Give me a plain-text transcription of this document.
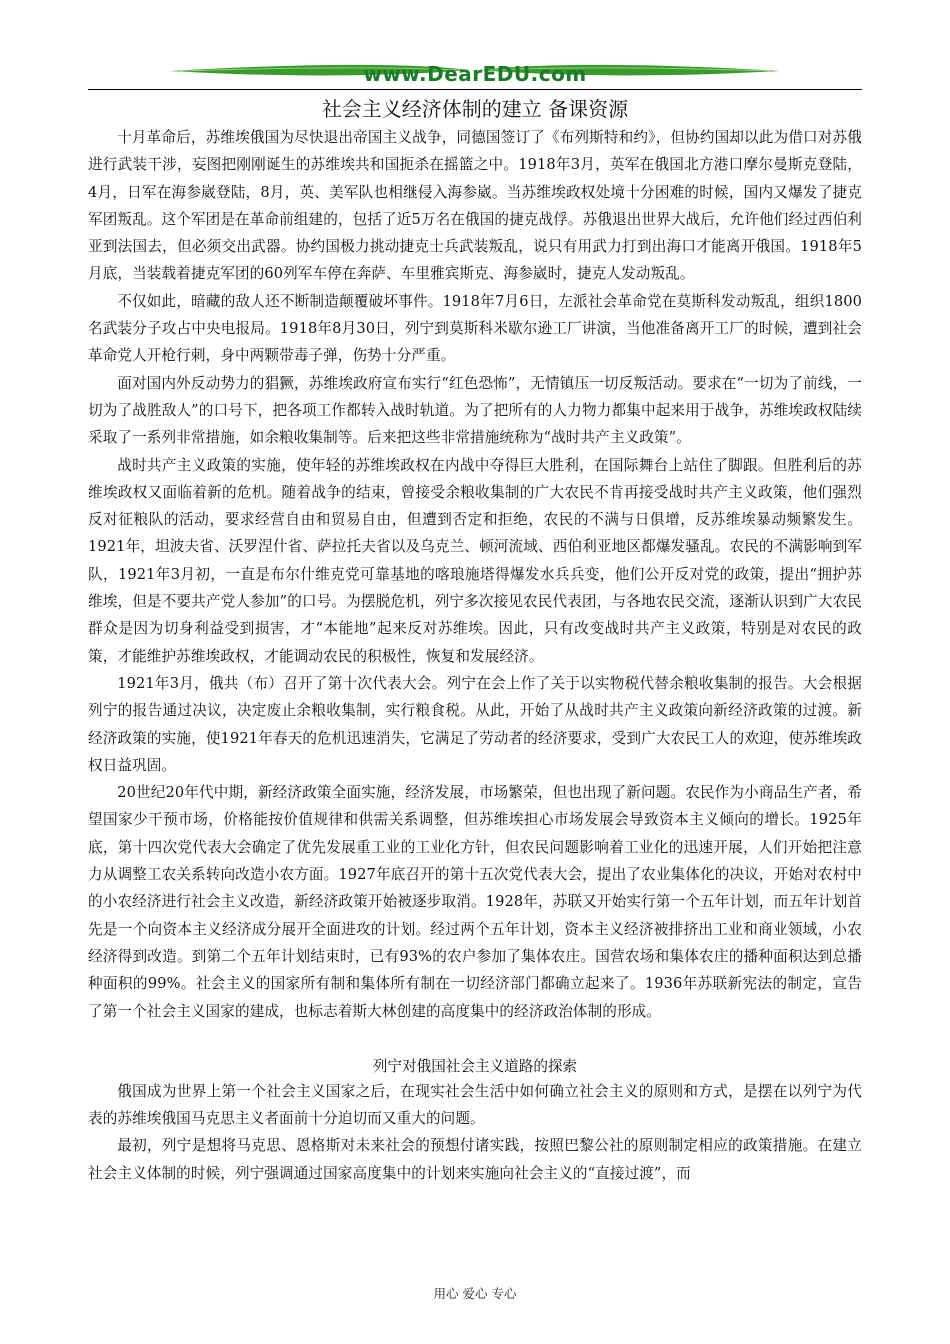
www.DearEDU.com
社会主义经济体制的建立 备课资源

十月革命后，苏维埃俄国为尽快退出帝国主义战争，同德国签订了《布列斯特和约》，但协约国却以此为借口对苏俄进行武装干涉，妄图把刚刚诞生的苏维埃共和国扼杀在摇篮之中。1918年3月，英军在俄国北方港口摩尔曼斯克登陆，4月，日军在海参崴登陆，8月，英、美军队也相继侵入海参崴。当苏维埃政权处境十分困难的时候，国内又爆发了捷克军团叛乱。这个军团是在革命前组建的，包括了近5万名在俄国的捷克战俘。苏俄退出世界大战后，允许他们经过西伯利亚到法国去，但必须交出武器。协约国极力挑动捷克士兵武装叛乱，说只有用武力打到出海口才能离开俄国。1918年5月底，当装载着捷克军团的60列军车停在奔萨、车里雅宾斯克、海参崴时，捷克人发动叛乱。

不仅如此，暗藏的敌人还不断制造颠覆破坏事件。1918年7月6日，左派社会革命党在莫斯科发动叛乱，组织1800名武装分子攻占中央电报局。1918年8月30日，列宁到莫斯科米歇尔逊工厂讲演，当他准备离开工厂的时候，遭到社会革命党人开枪行刺，身中两颗带毒子弹，伤势十分严重。

面对国内外反动势力的猖獗，苏维埃政府宣布实行“红色恐怖”，无情镇压一切反叛活动。要求在“一切为了前线，一切为了战胜敌人”的口号下，把各项工作都转入战时轨道。为了把所有的人力物力都集中起来用于战争，苏维埃政权陆续采取了一系列非常措施，如余粮收集制等。后来把这些非常措施统称为“战时共产主义政策”。

战时共产主义政策的实施，使年轻的苏维埃政权在内战中夺得巨大胜利，在国际舞台上站住了脚跟。但胜利后的苏维埃政权又面临着新的危机。随着战争的结束，曾接受余粮收集制的广大农民不肯再接受战时共产主义政策，他们强烈反对征粮队的活动，要求经营自由和贸易自由，但遭到否定和拒绝，农民的不满与日俱增，反苏维埃暴动频繁发生。1921年，坦波夫省、沃罗涅什省、萨拉托夫省以及乌克兰、顿河流域、西伯利亚地区都爆发骚乱。农民的不满影响到军队，1921年3月初，一直是布尔什维克党可靠基地的喀琅施塔得爆发水兵兵变，他们公开反对党的政策，提出“拥护苏维埃，但是不要共产党人参加”的口号。为摆脱危机，列宁多次接见农民代表团，与各地农民交流，逐渐认识到广大农民群众是因为切身利益受到损害，才“本能地”起来反对苏维埃。因此，只有改变战时共产主义政策，特别是对农民的政策，才能维护苏维埃政权，才能调动农民的积极性，恢复和发展经济。

1921年3月，俄共（布）召开了第十次代表大会。列宁在会上作了关于以实物税代替余粮收集制的报告。大会根据列宁的报告通过决议，决定废止余粮收集制，实行粮食税。从此，开始了从战时共产主义政策向新经济政策的过渡。新经济政策的实施，使1921年春天的危机迅速消失，它满足了劳动者的经济要求，受到广大农民工人的欢迎，使苏维埃政权日益巩固。

20世纪20年代中期，新经济政策全面实施，经济发展，市场繁荣，但也出现了新问题。农民作为小商品生产者，希望国家少干预市场，价格能按价值规律和供需关系调整，但苏维埃担心市场发展会导致资本主义倾向的增长。1925年底，第十四次党代表大会确定了优先发展重工业的工业化方针，但农民问题影响着工业化的迅速开展，人们开始把注意力从调整工农关系转向改造小农方面。1927年底召开的第十五次党代表大会，提出了农业集体化的决议，开始对农村中的小农经济进行社会主义改造，新经济政策开始被逐步取消。1928年，苏联又开始实行第一个五年计划，而五年计划首先是一个向资本主义经济成分展开全面进攻的计划。经过两个五年计划，资本主义经济被排挤出工业和商业领域，小农经济得到改造。到第二个五年计划结束时，已有93%的农户参加了集体农庄。国营农场和集体农庄的播种面积达到总播种面积的99%。社会主义的国家所有制和集体所有制在一切经济部门都确立起来了。1936年苏联新宪法的制定，宣告了第一个社会主义国家的建成，也标志着斯大林创建的高度集中的经济政治体制的形成。

列宁对俄国社会主义道路的探索

俄国成为世界上第一个社会主义国家之后，在现实社会生活中如何确立社会主义的原则和方式，是摆在以列宁为代表的苏维埃俄国马克思主义者面前十分迫切而又重大的问题。

最初，列宁是想将马克思、恩格斯对未来社会的预想付诸实践，按照巴黎公社的原则制定相应的政策措施。在建立社会主义体制的时候，列宁强调通过国家高度集中的计划来实施向社会主义的“直接过渡”，而

用心 爱心 专心
